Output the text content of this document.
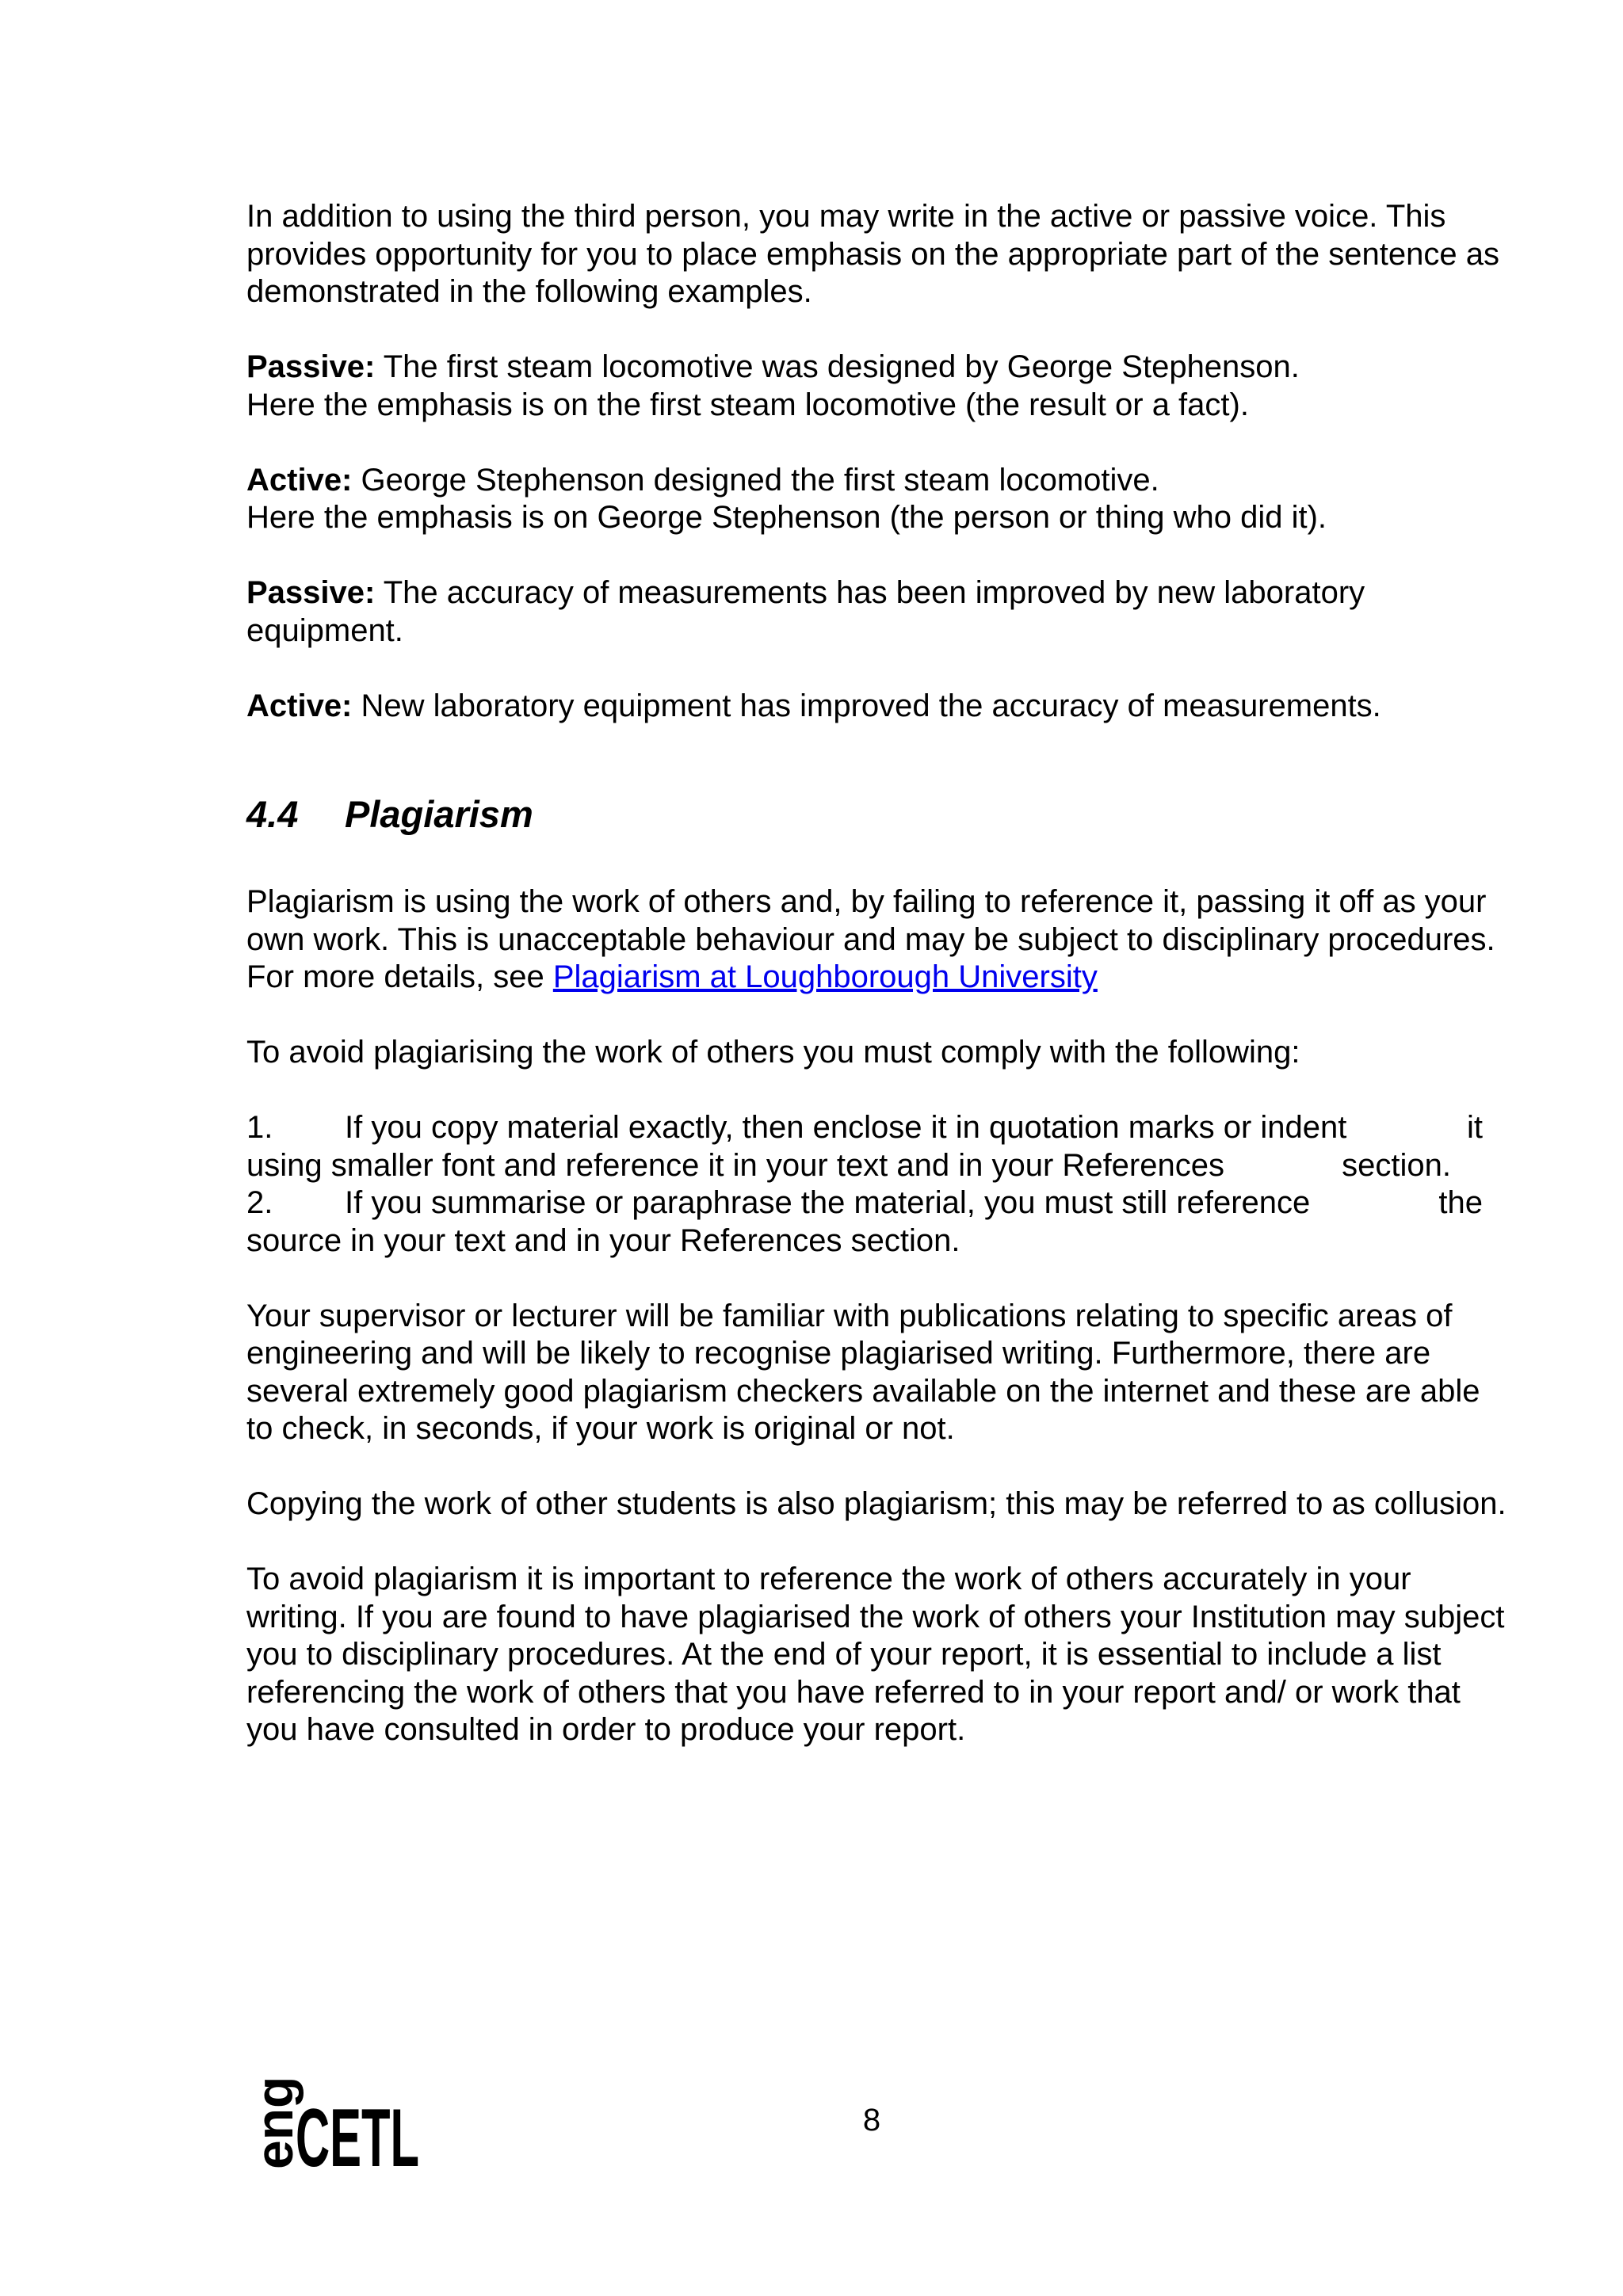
In addition to using the third person, you may write in the active or passive voice. This provides opportunity for you to place emphasis on the appropriate part of the sentence as demonstrated in the following examples.

Passive: The first steam locomotive was designed by George Stephenson.

Here the emphasis is on the first steam locomotive (the result or a fact).

Active: George Stephenson designed the first steam locomotive.

Here the emphasis is on George Stephenson (the person or thing who did it).

Passive: The accuracy of measurements has been improved by new laboratory equipment.

Active: New laboratory equipment has improved the accuracy of measurements.

4.4 Plagiarism

Plagiarism is using the work of others and, by failing to reference it, passing it off as your own work. This is unacceptable behaviour and may be subject to disciplinary procedures. For more details, see Plagiarism at Loughborough University

To avoid plagiarising the work of others you must comply with the following:

1. If you copy material exactly, then enclose it in quotation marks or indent	it
using smaller font and reference it in your text and in your References	section.
2. If you summarise or paraphrase the material, you must still reference	the
source in your text and in your References section.

Your supervisor or lecturer will be familiar with publications relating to specific areas of engineering and will be likely to recognise plagiarised writing. Furthermore, there are several extremely good plagiarism checkers available on the internet and these are able to check, in seconds, if your work is original or not.

Copying the work of other students is also plagiarism; this may be referred to as collusion.

To avoid plagiarism it is important to reference the work of others accurately in your writing. If you are found to have plagiarised the work of others your Institution may subject you to disciplinary procedures. At the end of your report, it is essential to include a list referencing the work of others that you have referred to in your report and/ or work that you have consulted in order to produce your report.

eng
CETL	8
